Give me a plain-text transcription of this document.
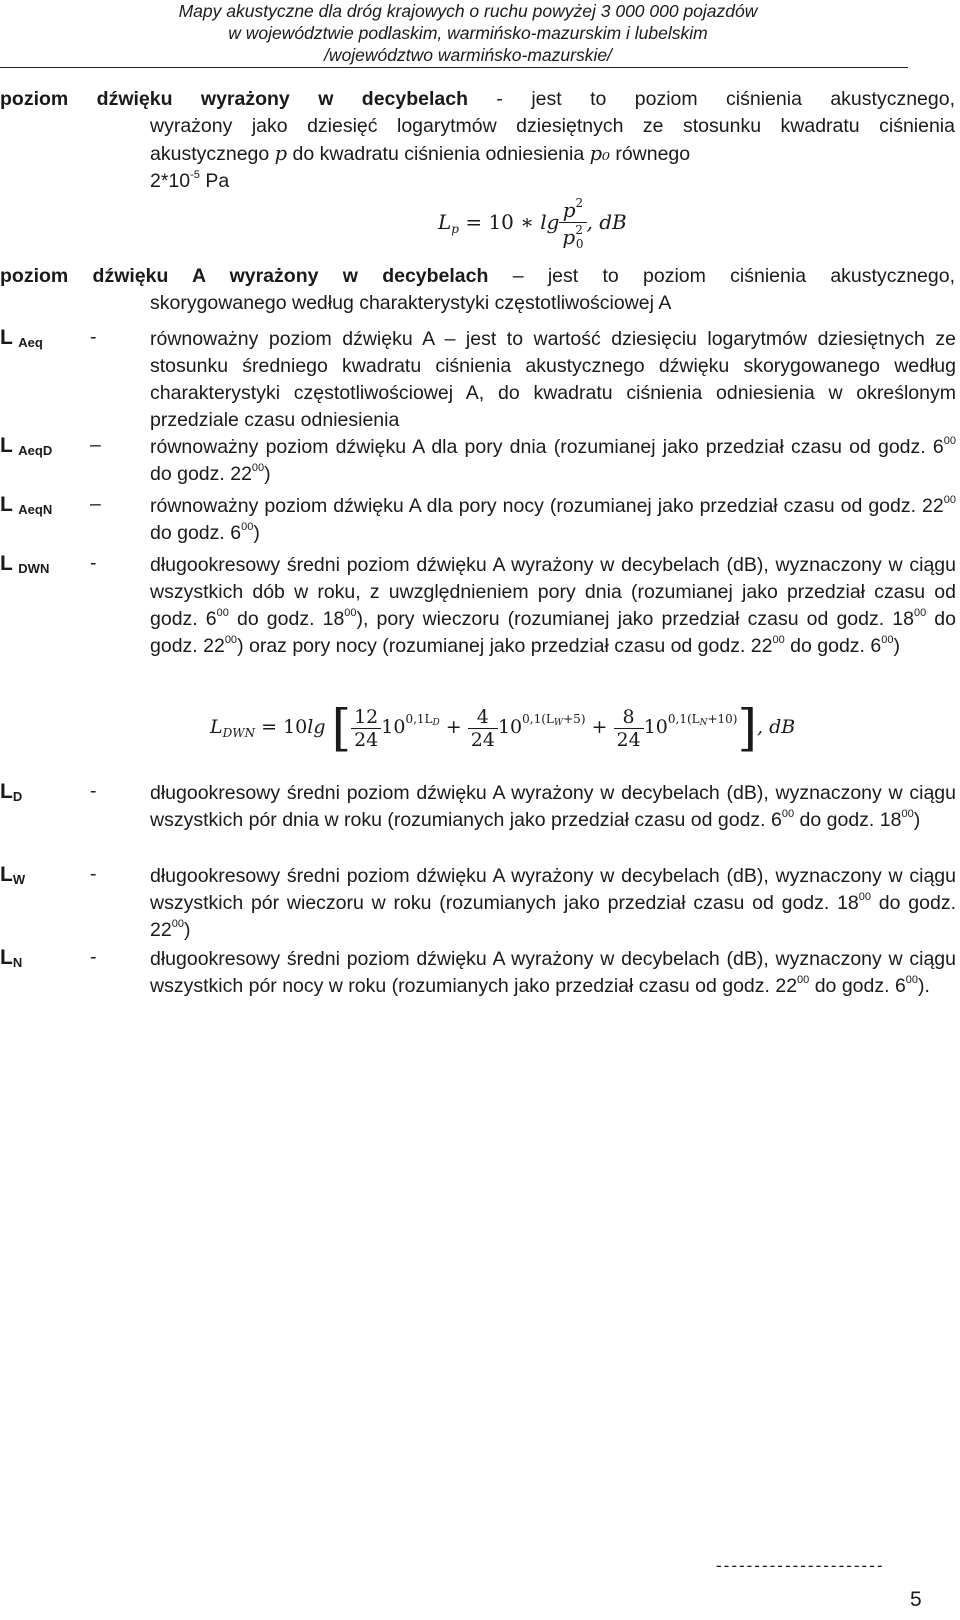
Mapy akustyczne dla dróg krajowych o ruchu powyżej 3 000 000 pojazdów
w województwie podlaskim, warmińsko-mazurskim i lubelskim
/województwo warmińsko-mazurskie/
poziom dźwięku wyrażony w decybelach - jest to poziom ciśnienia akustycznego,
wyrażony jako dziesięć logarytmów dziesiętnych ze stosunku kwadratu ciśnienia akustycznego p do kwadratu ciśnienia odniesienia p₀ równego
$2*10^{-5}$ Pa
$L_p = 10$ ∗ $\lg \frac{p^2}{p^2_0}$ , dB
poziom dźwięku A wyrażony w decybelach – jest to poziom ciśnienia akustycznego,
skorygowanego według charakterystyki częstotliwościowej A
L $_{Aeq}$ -	równoważny poziom dźwięku A – jest to wartość dziesięciu logarytmów dziesiętnych ze stosunku średniego kwadratu ciśnienia akustycznego dźwięku skorygowanego według charakterystyki częstotliwościowej A, do kwadratu ciśnienia odniesienia w określonym przedziale czasu odniesienia
L $_{AeqD}$ –	równoważny poziom dźwięku A dla pory dnia (rozumianej jako przedział czasu od godz. $6^{00}$ do godz. $22^{00}$)
L $_{AeqN}$ –	równoważny poziom dźwięku A dla pory nocy (rozumianej jako przedział czasu od godz. $22^{00}$ do godz. $6^{00}$)
L $_{DWN}$ -	długookresowy średni poziom dźwięku A wyrażony w decybelach (dB), wyznaczony w ciągu wszystkich dób w roku, z uwzględnieniem pory dnia (rozumianej jako przedział czasu od godz. $6^{00}$ do godz. $18^{00}$), pory wieczoru (rozumianej jako przedział czasu od godz. $18^{00}$ do godz. $22^{00}$) oraz pory nocy (rozumianej jako przedział czasu od godz. $22^{00}$ do godz. $6^{00}$)
$L_{DWN} = 10\lg$ [ $\frac{12}{24} 10^{0,1L_D} + \frac{4}{24} 10^{0,1(L_W+5)} + \frac{8}{24} 10^{0,1(L_N+10)}$], dB
$L_D$	-	długookresowy średni poziom dźwięku A wyrażony w decybelach (dB), wyznaczony w ciągu wszystkich pór dnia w roku (rozumianych jako przedział czasu od godz. $6^{00}$ do godz. $18^{00}$)
$L_W$	-	długookresowy średni poziom dźwięku A wyrażony w decybelach (dB), wyznaczony w ciągu wszystkich pór wieczoru w roku (rozumianych jako przedział czasu od godz. $18^{00}$ do godz. $22^{00}$)
$L_N$	-	długookresowy średni poziom dźwięku A wyrażony w decybelach (dB), wyznaczony w ciągu wszystkich pór nocy w roku (rozumianych jako przedział czasu od godz. $22^{00}$ do godz. $6^{00}$).
----------------------
5
